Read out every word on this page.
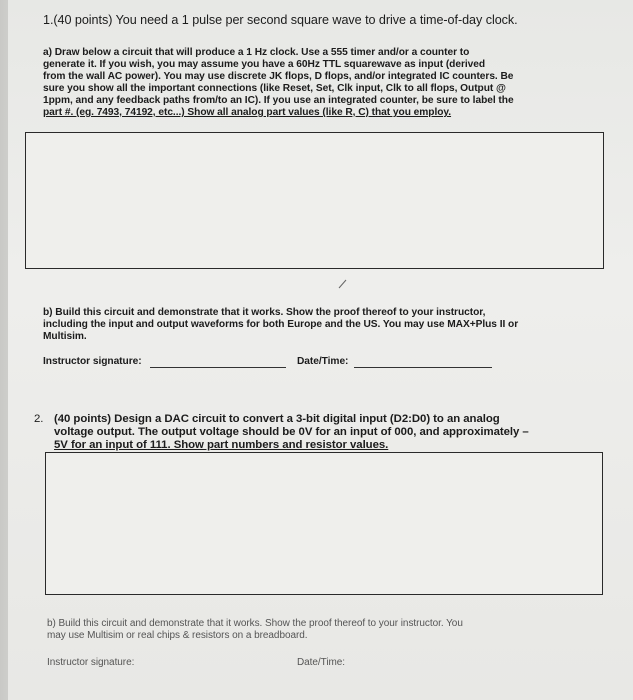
1.(40 points) You need a 1 pulse per second square wave to drive a time-of-day clock.
a) Draw below a circuit that will produce a 1 Hz clock. Use a 555 timer and/or a counter to
generate it. If you wish, you may assume you have a 60Hz TTL squarewave as input (derived
from the wall AC power). You may use discrete JK flops, D flops, and/or integrated IC counters. Be
sure you show all the important connections (like Reset, Set, Clk input, Clk to all flops, Output @
1ppm, and any feedback paths from/to an IC). If you use an integrated counter, be sure to label the
part #. (eg. 7493, 74192, etc...) Show all analog part values (like R, C) that you employ.
b) Build this circuit and demonstrate that it works. Show the proof thereof to your instructor,
including the input and output waveforms for both Europe and the US. You may use MAX+Plus II or
Multisim.
Instructor signature:	Date/Time:
2. (40 points) Design a DAC circuit to convert a 3-bit digital input (D2:D0) to an analog
voltage output. The output voltage should be 0V for an input of 000, and approximately –
5V for an input of 111. Show part numbers and resistor values.
b) Build this circuit and demonstrate that it works. Show the proof thereof to your instructor. You
may use Multisim or real chips & resistors on a breadboard.
Instructor signature:	Date/Time:
